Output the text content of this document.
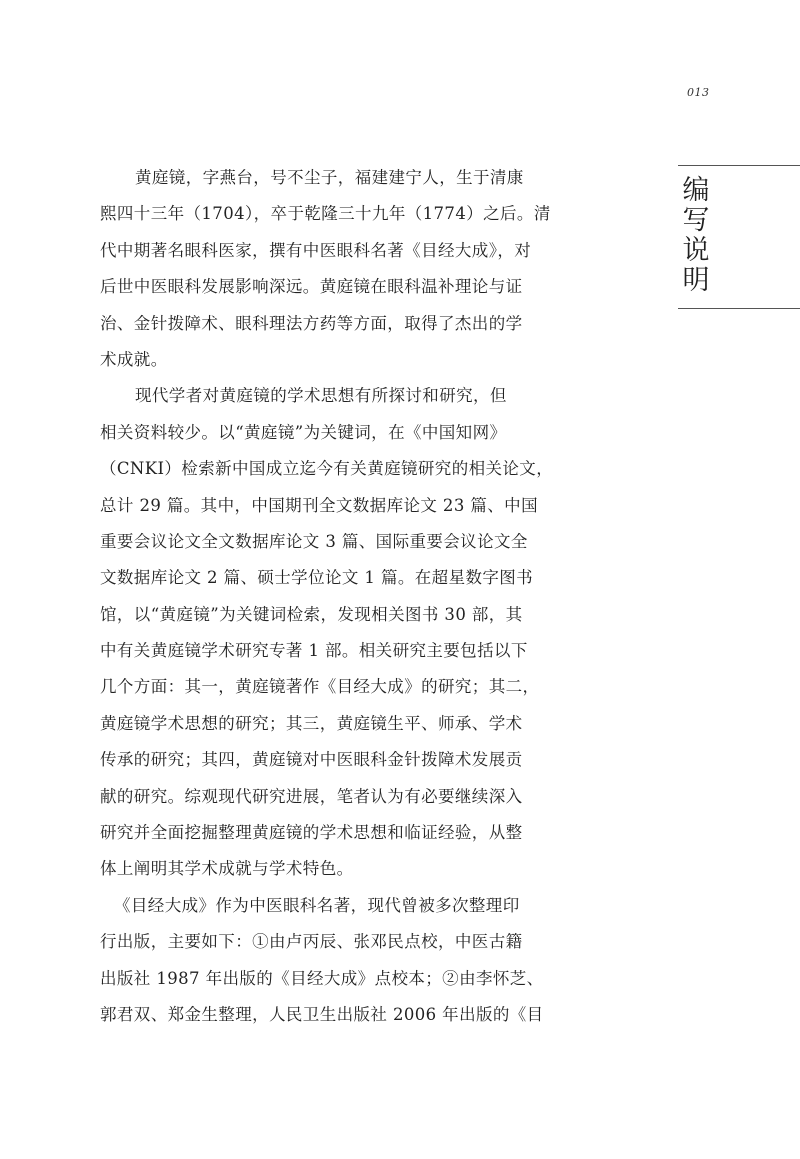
013
编
写
说
明
黄庭镜，字燕台，号不尘子，福建建宁人，生于清康
熙四十三年（1704），卒于乾隆三十九年（1774）之后。清
代中期著名眼科医家，撰有中医眼科名著《目经大成》，对
后世中医眼科发展影响深远。黄庭镜在眼科温补理论与证
治、金针拨障术、眼科理法方药等方面，取得了杰出的学
术成就。
现代学者对黄庭镜的学术思想有所探讨和研究，但
相关资料较少。以“黄庭镜”为关键词，在《中国知网》
（CNKI）检索新中国成立迄今有关黄庭镜研究的相关论文，
总计 29 篇。其中，中国期刊全文数据库论文 23 篇、中国
重要会议论文全文数据库论文 3 篇、国际重要会议论文全
文数据库论文 2 篇、硕士学位论文 1 篇。在超星数字图书
馆，以“黄庭镜”为关键词检索，发现相关图书 30 部，其
中有关黄庭镜学术研究专著 1 部。相关研究主要包括以下
几个方面：其一，黄庭镜著作《目经大成》的研究；其二，
黄庭镜学术思想的研究；其三，黄庭镜生平、师承、学术
传承的研究；其四，黄庭镜对中医眼科金针拨障术发展贡
献的研究。综观现代研究进展，笔者认为有必要继续深入
研究并全面挖掘整理黄庭镜的学术思想和临证经验，从整
体上阐明其学术成就与学术特色。
《目经大成》作为中医眼科名著，现代曾被多次整理印
行出版，主要如下：①由卢丙辰、张邓民点校，中医古籍
出版社 1987 年出版的《目经大成》点校本；②由李怀芝、
郭君双、郑金生整理，人民卫生出版社 2006 年出版的《目
